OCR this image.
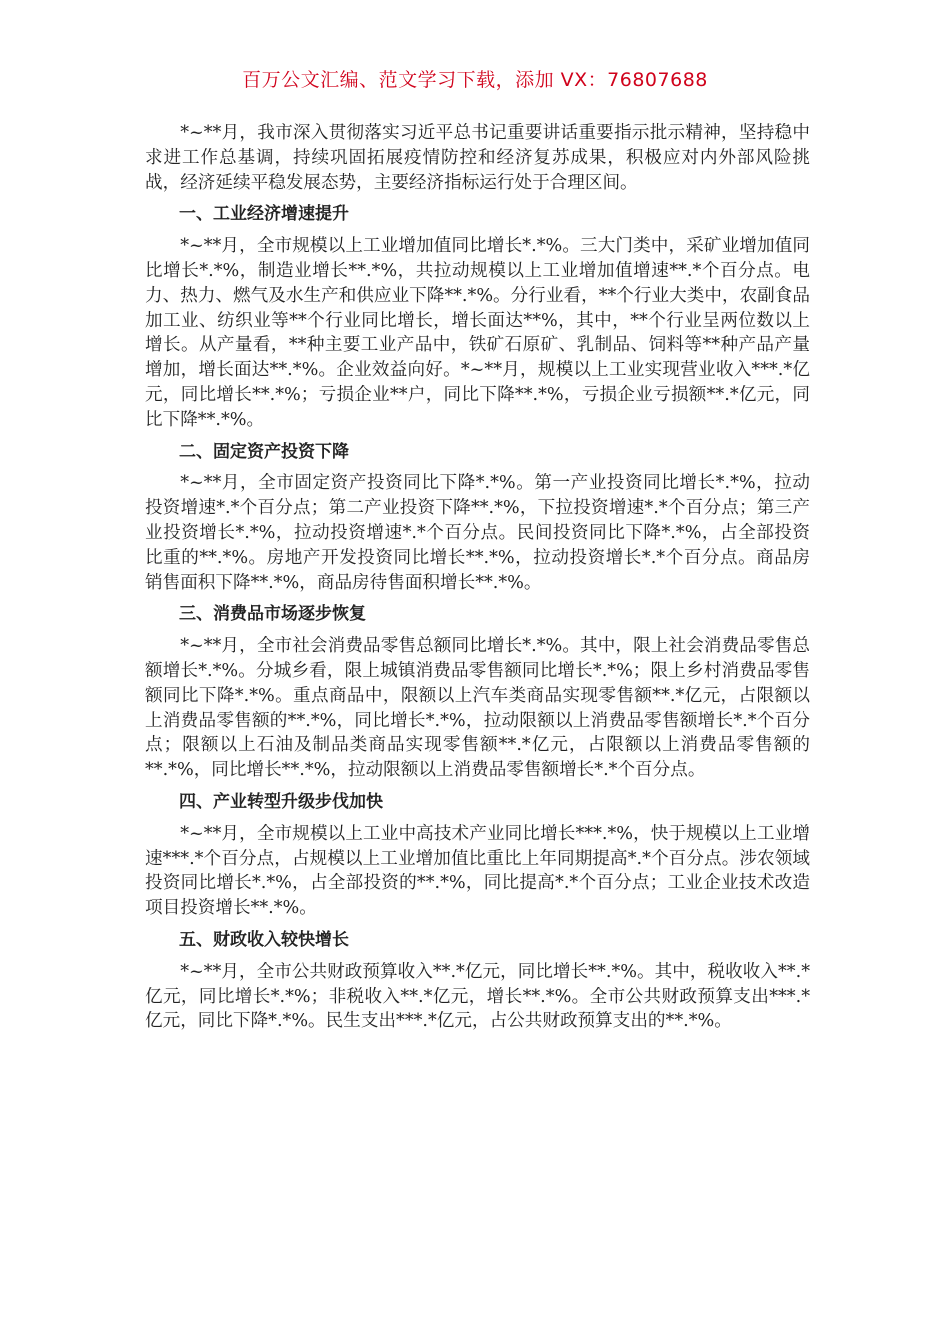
百万公文汇编、范文学习下载，添加 VX：76807688

*~**月，我市深入贯彻落实习近平总书记重要讲话重要指示批示精神，坚持稳中求进工作总基调，持续巩固拓展疫情防控和经济复苏成果，积极应对内外部风险挑战，经济延续平稳发展态势，主要经济指标运行处于合理区间。

一、工业经济增速提升

*~**月，全市规模以上工业增加值同比增长*.*%。三大门类中，采矿业增加值同比增长*.*%，制造业增长**.*%，共拉动规模以上工业增加值增速**.*个百分点。电力、热力、燃气及水生产和供应业下降**.*%。分行业看，**个行业大类中，农副食品加工业、纺织业等**个行业同比增长，增长面达**%，其中，**个行业呈两位数以上增长。从产量看，**种主要工业产品中，铁矿石原矿、乳制品、饲料等**种产品产量增加，增长面达**.*%。企业效益向好。*~**月，规模以上工业实现营业收入***.*亿元，同比增长**.*%；亏损企业**户，同比下降**.*%，亏损企业亏损额**.*亿元，同比下降**.*%。

二、固定资产投资下降

*~**月，全市固定资产投资同比下降*.*%。第一产业投资同比增长*.*%，拉动投资增速*.*个百分点；第二产业投资下降**.*%，下拉投资增速*.*个百分点；第三产业投资增长*.*%，拉动投资增速*.*个百分点。民间投资同比下降*.*%，占全部投资比重的**.*%。房地产开发投资同比增长**.*%，拉动投资增长*.*个百分点。商品房销售面积下降**.*%，商品房待售面积增长**.*%。

三、消费品市场逐步恢复

*~**月，全市社会消费品零售总额同比增长*.*%。其中，限上社会消费品零售总额增长*.*%。分城乡看，限上城镇消费品零售额同比增长*.*%；限上乡村消费品零售额同比下降*.*%。重点商品中，限额以上汽车类商品实现零售额**.*亿元，占限额以上消费品零售额的**.*%，同比增长*.*%，拉动限额以上消费品零售额增长*.*个百分点；限额以上石油及制品类商品实现零售额**.*亿元，占限额以上消费品零售额的**.*%，同比增长**.*%，拉动限额以上消费品零售额增长*.*个百分点。

四、产业转型升级步伐加快

*~**月，全市规模以上工业中高技术产业同比增长***.*%，快于规模以上工业增速***.*个百分点，占规模以上工业增加值比重比上年同期提高*.*个百分点。涉农领域投资同比增长*.*%，占全部投资的**.*%，同比提高*.*个百分点；工业企业技术改造项目投资增长**.*%。

五、财政收入较快增长

*~**月，全市公共财政预算收入**.*亿元，同比增长**.*%。其中，税收收入**.*亿元，同比增长*.*%；非税收入**.*亿元，增长**.*%。全市公共财政预算支出***.*亿元，同比下降*.*%。民生支出***.*亿元，占公共财政预算支出的**.*%。
